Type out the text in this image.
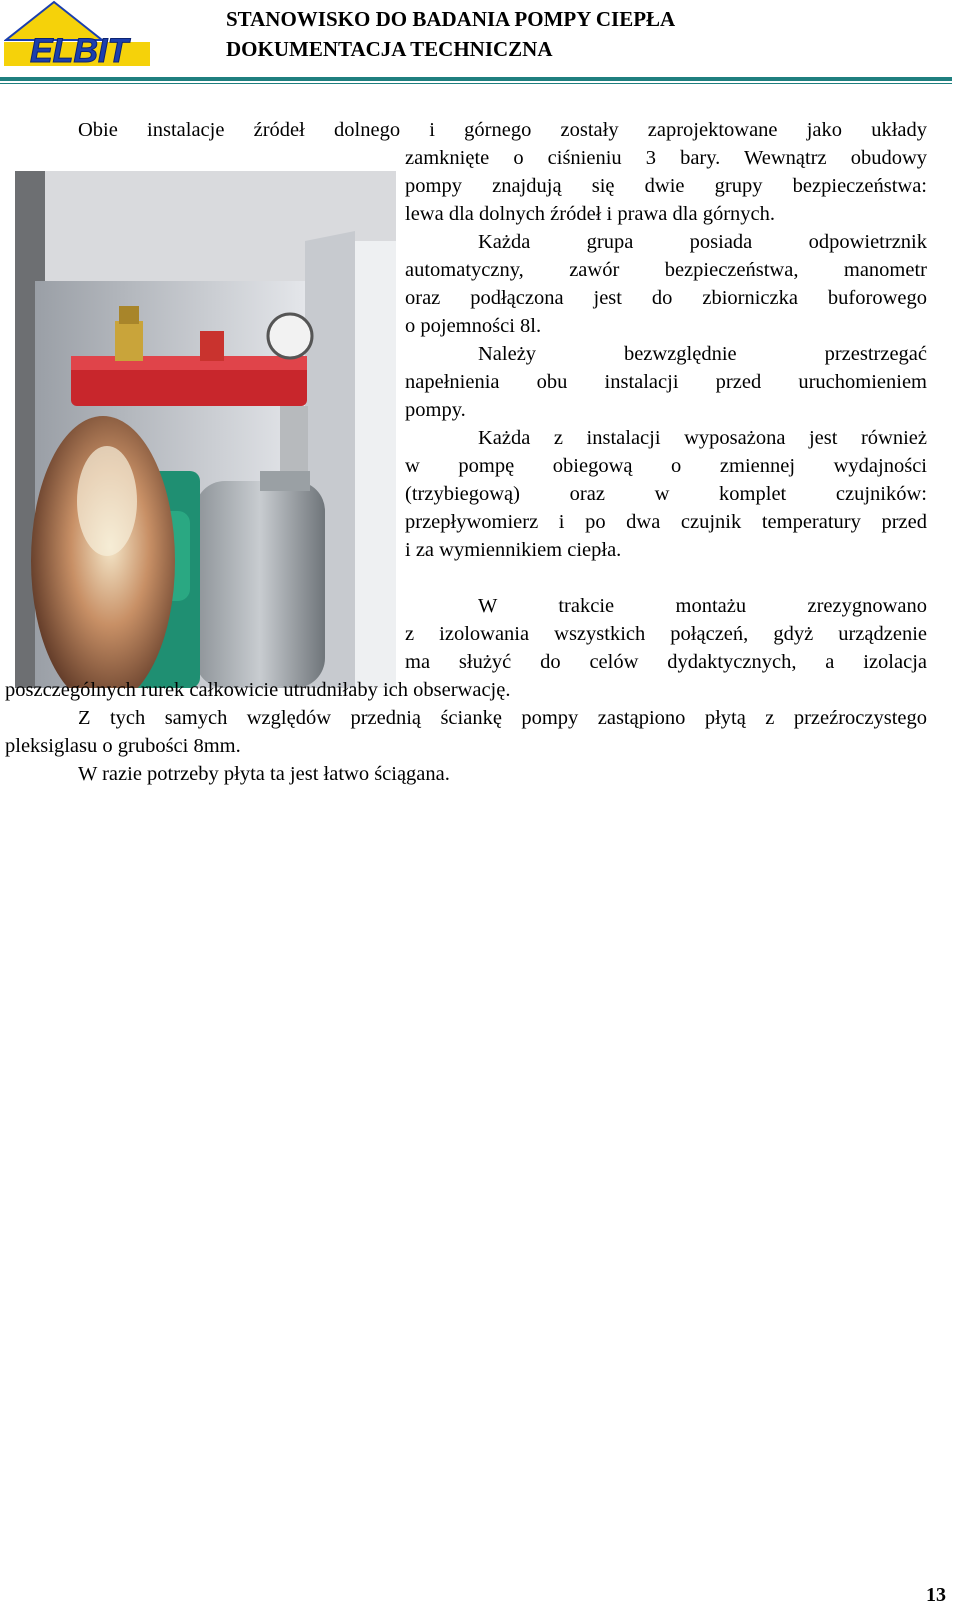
ELBIT
STANOWISKO DO BADANIA POMPY CIEPŁA
DOKUMENTACJA TECHNICZNA
Obie instalacje źródeł dolnego i górnego zostały zaprojektowane jako układy
zamknięte o ciśnieniu 3 bary. Wewnątrz obudowy
pompy znajdują się dwie grupy bezpieczeństwa:
lewa dla dolnych źródeł i prawa dla górnych.
Każda grupa posiada odpowietrznik
automatyczny, zawór bezpieczeństwa, manometr
oraz podłączona jest do zbiorniczka buforowego
o pojemności 8l.
Należy bezwzględnie przestrzegać
napełnienia obu instalacji przed uruchomieniem
pompy.
Każda z instalacji wyposażona jest również
w pompę obiegową o zmiennej wydajności
(trzybiegową) oraz w komplet czujników:
przepływomierz i po dwa czujnik temperatury przed
i za wymiennikiem ciepła.
W trakcie montażu zrezygnowano
z izolowania wszystkich połączeń, gdyż urządzenie
ma służyć do celów dydaktycznych, a izolacja
poszczególnych rurek całkowicie utrudniłaby ich obserwację.
Z tych samych względów przednią ściankę pompy zastąpiono płytą z przeźroczystego
pleksiglasu o grubości 8mm.
W razie potrzeby płyta ta jest łatwo ściągana.
13
